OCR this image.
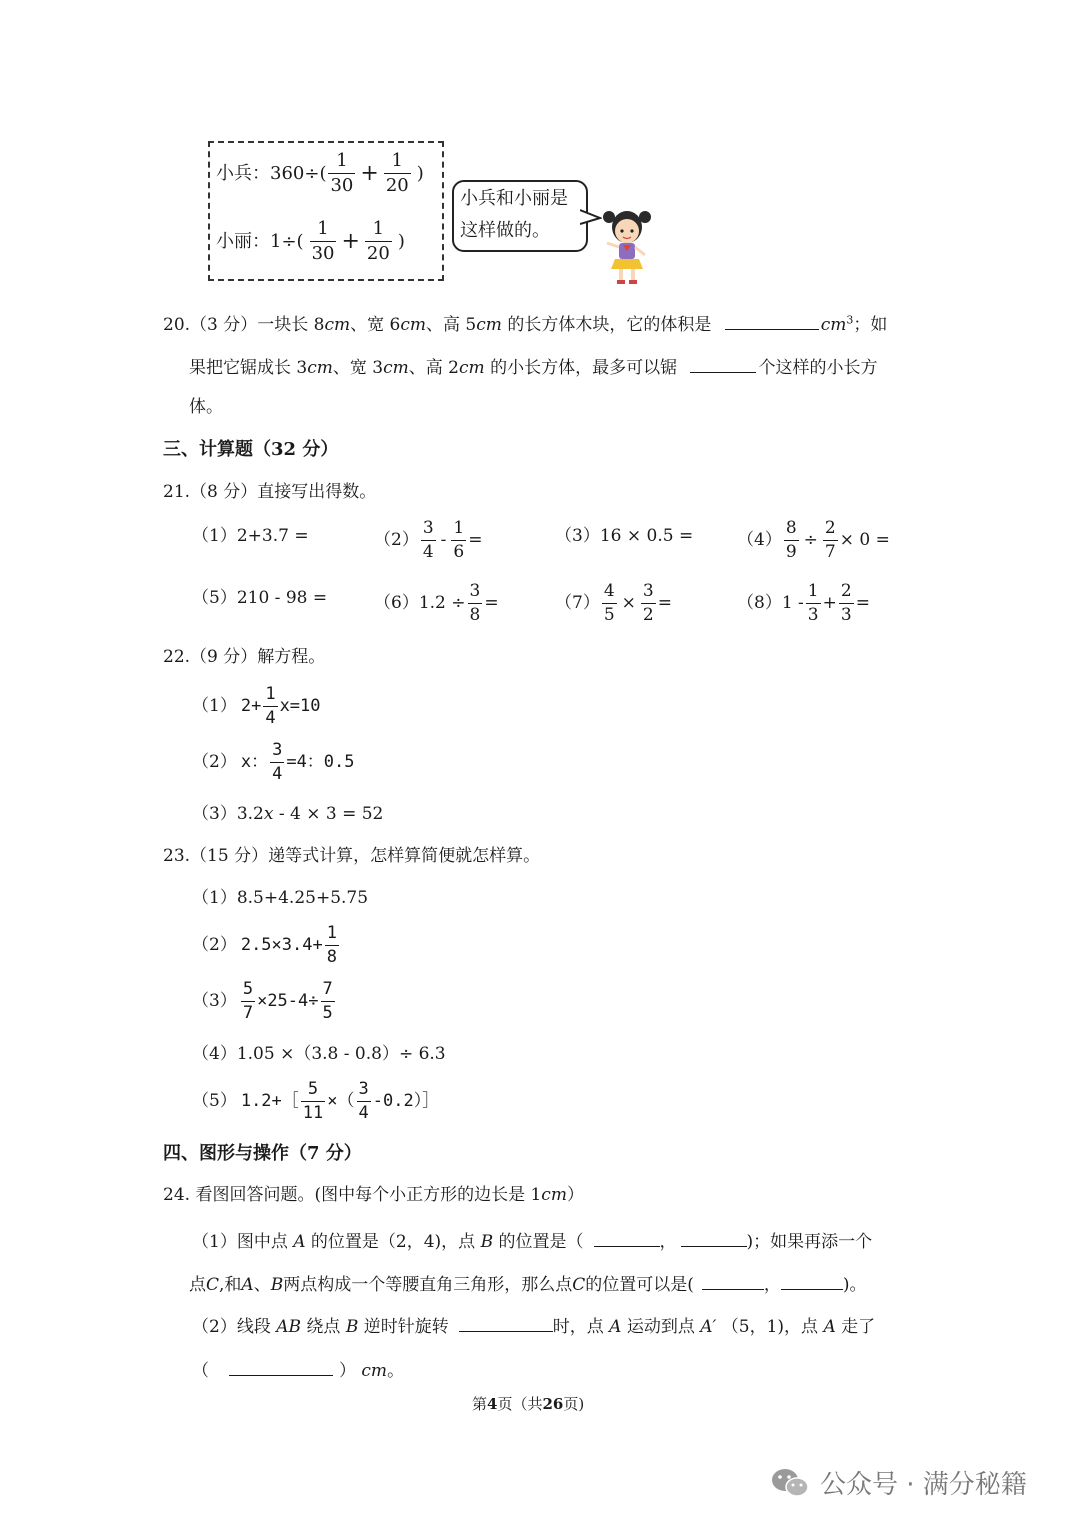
小兵： $360\div( \frac{1}{30} + \frac{1}{20}$ )
小丽： $1\div( \frac{1}{30} + \frac{1}{20}$ )
小兵和小丽是
这样做的。
20.（3 分）一块长 8cm、宽 6cm、高 5cm 的长方体木块，它的体积是	$cm^3$；如
果把它锯成长 3cm、宽 3cm、高 2cm 的小长方体，最多可以锯	个这样的小长方
体。
三、计算题（32 分）
21.（8 分）直接写出得数。
（1）2+3.7 =	$(2) \frac{3}{4} - \frac{1}{6}$ =	（3）16 × 0.5 =	$(4) \frac{8}{9} \div \frac{2}{7} \times 0$ =
（5）210 - 98 =	$(6)1.2 \div \frac{3}{8}$ =	$(7) \frac{4}{5} \times \frac{3}{2}$ =	$(8)1 - \frac{1}{3} + \frac{2}{3}$ =
22.（9 分）解方程。
（1） $2+ \frac{1}{4} x=10$
（2） x： $\frac{3}{4} =4$：0.5
（3）3.2x - 4 × 3 = 52
23.（15 分）递等式计算，怎样算简便就怎样算。
（1）8.5+4.25+5.75
（2） $2.5\times 3.4+ \frac{1}{8}$
$(3) \frac{5}{7} \times 25-4\div \frac{7}{5}$
（4）1.05 ×（3.8 - 0.8）÷ 6.3
（5） 1.2+［ $\frac{5}{11}$ ×（ $\frac{3}{4}$ -0.2）］
四、图形与操作（7 分）
24. 看图回答问题。(图中每个小正方形的边长是 1cm）
（1）图中点 A 的位置是（2，4)，点 B 的位置是（	，	)；如果再添一个
点C,和A、B两点构成一个等腰直角三角形，那么点C的位置可以是(	，	)。
（2）线段 AB 绕点 B 逆时针旋转	时，点 A 运动到点 A′ （5，1)，点 A 走了
（	） cm。
第4页（共26页)
公众号 · 满分秘籍
